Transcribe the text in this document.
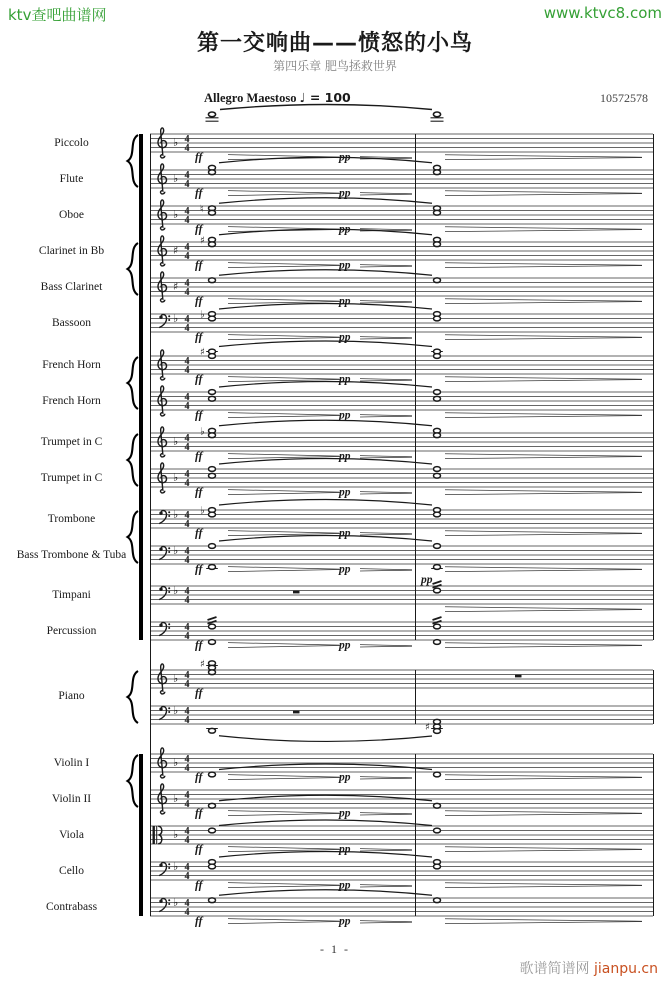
ktv查吧曲谱网	www.ktvc8.com
第一交响曲——愤怒的小鸟
第四乐章 肥鸟拯救世界
Allegro Maestoso ♩ = 100	10572578
Piccolo	♭ 4
4
ff	pp
Flute	♭ 4
4
ff	pp
Oboe	♭ 4
4
♮
ff	pp
Clarinet in Bb	♯ 4
4
♯
ff	pp
Bass Clarinet	♯ 4
4
ff	pp
Bassoon	♭ 4
4
♭
ff	pp
French Horn	4
4
♯
ff	pp
French Horn	4
4
ff	pp
Trumpet in C	♭ 4
4
♭
ff	pp
Trumpet in C	♭ 4
4
ff	pp
Trombone	♭ 4
4
♭
ff	pp
Bass Trombone & Tuba	♭ 4
4
ff	pp
Timpani	♭ 4
4
pp
Percussion	4
4
ff	pp
Piano
♭ 4
4
♯
ff
♭ 4
4
♯
Violin I	♭ 4
4
ff	pp
Violin II	♭ 4
4
ff	pp
Viola	♭ 4
4
ff	pp
Cello	♭ 4
4
ff	pp
Contrabass	♭ 4
4
ff	pp
- 1 -
歌谱简谱网 jianpu.cn
